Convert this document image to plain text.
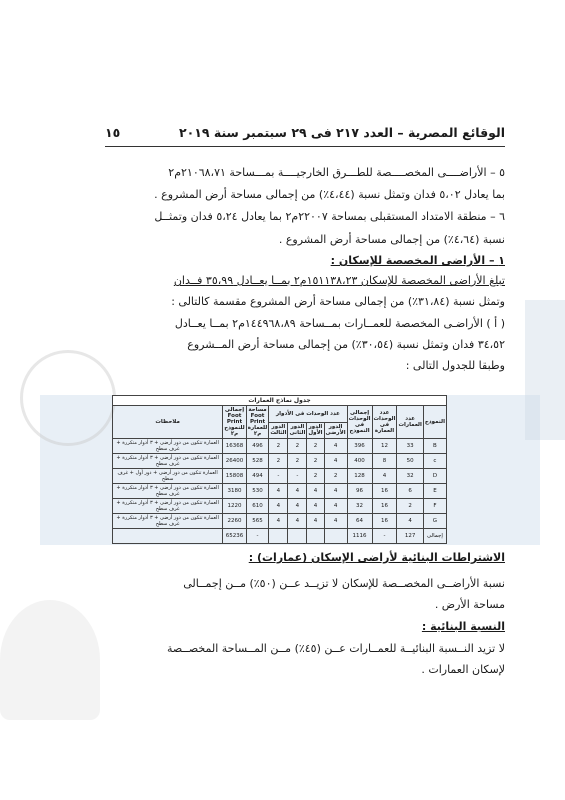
الوقائع المصرية – العدد ٢١٧ فى ٢٩ سبتمبر سنة ٢٠١٩
١٥
٥ – الأراضــــى المخصــــصة للطـــرق الخارجيــــة بمـــساحة ٢١٠٦٨،٧١م٢
بما يعادل ٥،٠٢ فدان وتمثل نسبة (٤،٤٤٪) من إجمالى مساحة أرض المشروع .
٦ – منطقة الامتداد المستقبلى بمساحة ٢٢٠٠٧م٢ بما يعادل ٥،٢٤ فدان وتمثــل
نسبة (٤،٦٤٪) من إجمالى مساحة أرض المشروع .
١ – الأراضى المخصصة للإسكان :
تبلغ الأراضى المخصصة للإسكان ١٥١١٣٨،٢٣م٢ بمــا يعــادل ٣٥،٩٩ فــدان
وتمثل نسبة (٣١،٨٤٪) من إجمالى مساحة أرض المشروع مقسمة كالتالى :
( أ ) الأراضـى المخصصة للعمــارات بمــساحة ١٤٤٩٦٨،٨٩م٢ بمــا يعــادل
٣٤،٥٢ فدان وتمثل نسبة (٣٠،٥٤٪) من إجمالى مساحة أرض المــشروع
وطبقا للجدول التالى :
جدول نماذج العمارات
النموذج	عدد العمارات	عدد الوحدات فى العمارة	إجمالى الوحدات فى النموذج	عدد الوحدات فى الأدوار				مساحة Foot Print للعمارة م٢	إجمالى Foot Print للنموذج م٢	ملاحظات
				الدور الأرضى	الدور الأول	الدور الثانى	الدور الثالث			
B	33	12	396	4	2	2	2	496	16368	العمارة تتكون من دور أرضى + ٣ أدوار متكررة + غرف سطح
c	50	8	400	4	2	2	2	528	26400	العمارة تتكون من دور أرضى + ٣ أدوار متكررة + غرف سطح
D	32	4	128	2	2	-	-	494	15808	العمارة تتكون من دور أرضى + دور أول + غرف سطح
E	6	16	96	4	4	4	4	530	3180	العمارة تتكون من دور أرضى + ٣ أدوار متكررة + غرف سطح
F	2	16	32	4	4	4	4	610	1220	العمارة تتكون من دور أرضى + ٣ أدوار متكررة + غرف سطح
G	4	16	64	4	4	4	4	565	2260	العمارة تتكون من دور أرضى + ٣ أدوار متكررة + غرف سطح
إجمالى	127	-	1116					-	65236	
الاشتراطات البنائية لأراضى الإسكان (عمارات) :
نسبة الأراضــى المخصــصة للإسكان لا تزيــد عــن (٥٠٪) مــن إجمــالى
مساحة الأرض .
النسبة البنائية :
لا تزيد النــسبة البنائيــة للعمــارات عــن (٤٥٪) مــن المــساحة المخصــصة
لإسكان العمارات .
